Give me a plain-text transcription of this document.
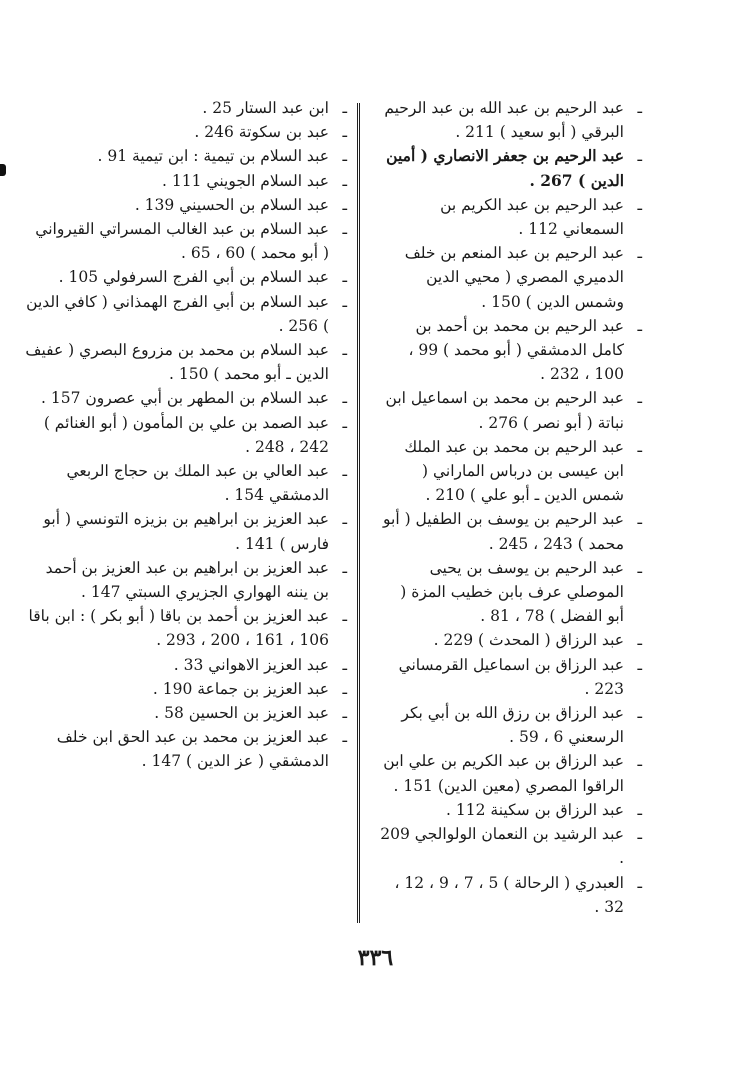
ـ
عبد الرحيم بن عبد الله بن عبد الرحيم البرقي ( أبو سعيد ) 211 .

ـ
عبد الرحيم بن جعفر الانصاري ( أمين الدين ) 267 .

ـ
عبد الرحيم بن عبد الكريم بن السمعاني 112 .

ـ
عبد الرحيم بن عبد المنعم بن خلف الدميري المصري ( محيي الدين وشمس الدين ) 150 .

ـ
عبد الرحيم بن محمد بن أحمد بن كامل الدمشقي ( أبو محمد ) 99 ، 100 ، 232 .

ـ
عبد الرحيم بن محمد بن اسماعيل ابن نباتة ( أبو نصر ) 276 .

ـ
عبد الرحيم بن محمد بن عبد الملك ابن عيسى بن درباس الماراني ( شمس الدين ـ أبو علي ) 210 .

ـ
عبد الرحيم بن يوسف بن الطفيل ( أبو محمد ) 243 ، 245 .

ـ
عبد الرحيم بن يوسف بن يحيى الموصلي عرف بابن خطيب المزة ( أبو الفضل ) 78 ، 81 .

ـ
عبد الرزاق ( المحدث ) 229 .

ـ
عبد الرزاق بن اسماعيل القرمساني 223 .

ـ
عبد الرزاق بن رزق الله بن أبي بكر الرسعني 6 ، 59 .

ـ
عبد الرزاق بن عبد الكريم بن علي ابن الراقوا المصري (معين الدين) 151 .

ـ
عبد الرزاق بن سكينة 112 .

ـ
عبد الرشيد بن النعمان الولوالجي 209 .

ـ
العبدري ( الرحالة ) 5 ، 7 ، 9 ، 12 ، 32 .

ـ
ابن عبد الستار 25 .

ـ
عبد بن سكوتة 246 .

ـ
عبد السلام بن تيمية : ابن تيمية 91 .

ـ
عبد السلام الجويني 111 .

ـ
عبد السلام بن الحسيني 139 .

ـ
عبد السلام بن عبد الغالب المسراتي القيرواني ( أبو محمد ) 60 ، 65 .

ـ
عبد السلام بن أبي الفرج السرفولي 105 .

ـ
عبد السلام بن أبي الفرج الهمذاني ( كافي الدين ) 256 .

ـ
عبد السلام بن محمد بن مزروع البصري ( عفيف الدين ـ أبو محمد ) 150 .

ـ
عبد السلام بن المطهر بن أبي عصرون 157 .

ـ
عبد الصمد بن علي بن المأمون ( أبو الغنائم ) 242 ، 248 .

ـ
عبد العالي بن عبد الملك بن حجاج الربعي الدمشقي 154 .

ـ
عبد العزيز بن ابراهيم بن بزيزه التونسي ( أبو فارس ) 141 .

ـ
عبد العزيز بن ابراهيم بن عبد العزيز بن أحمد بن يننه الهواري الجزيري السبتي 147 .

ـ
عبد العزيز بن أحمد بن باقا ( أبو بكر ) : ابن باقا 106 ، 161 ، 200 ، 293 .

ـ
عبد العزيز الاهواني 33 .

ـ
عبد العزيز بن جماعة 190 .

ـ
عبد العزيز بن الحسين 58 .

ـ
عبد العزيز بن محمد بن عبد الحق ابن خلف الدمشقي ( عز الدين ) 147 .

٣٣٦
